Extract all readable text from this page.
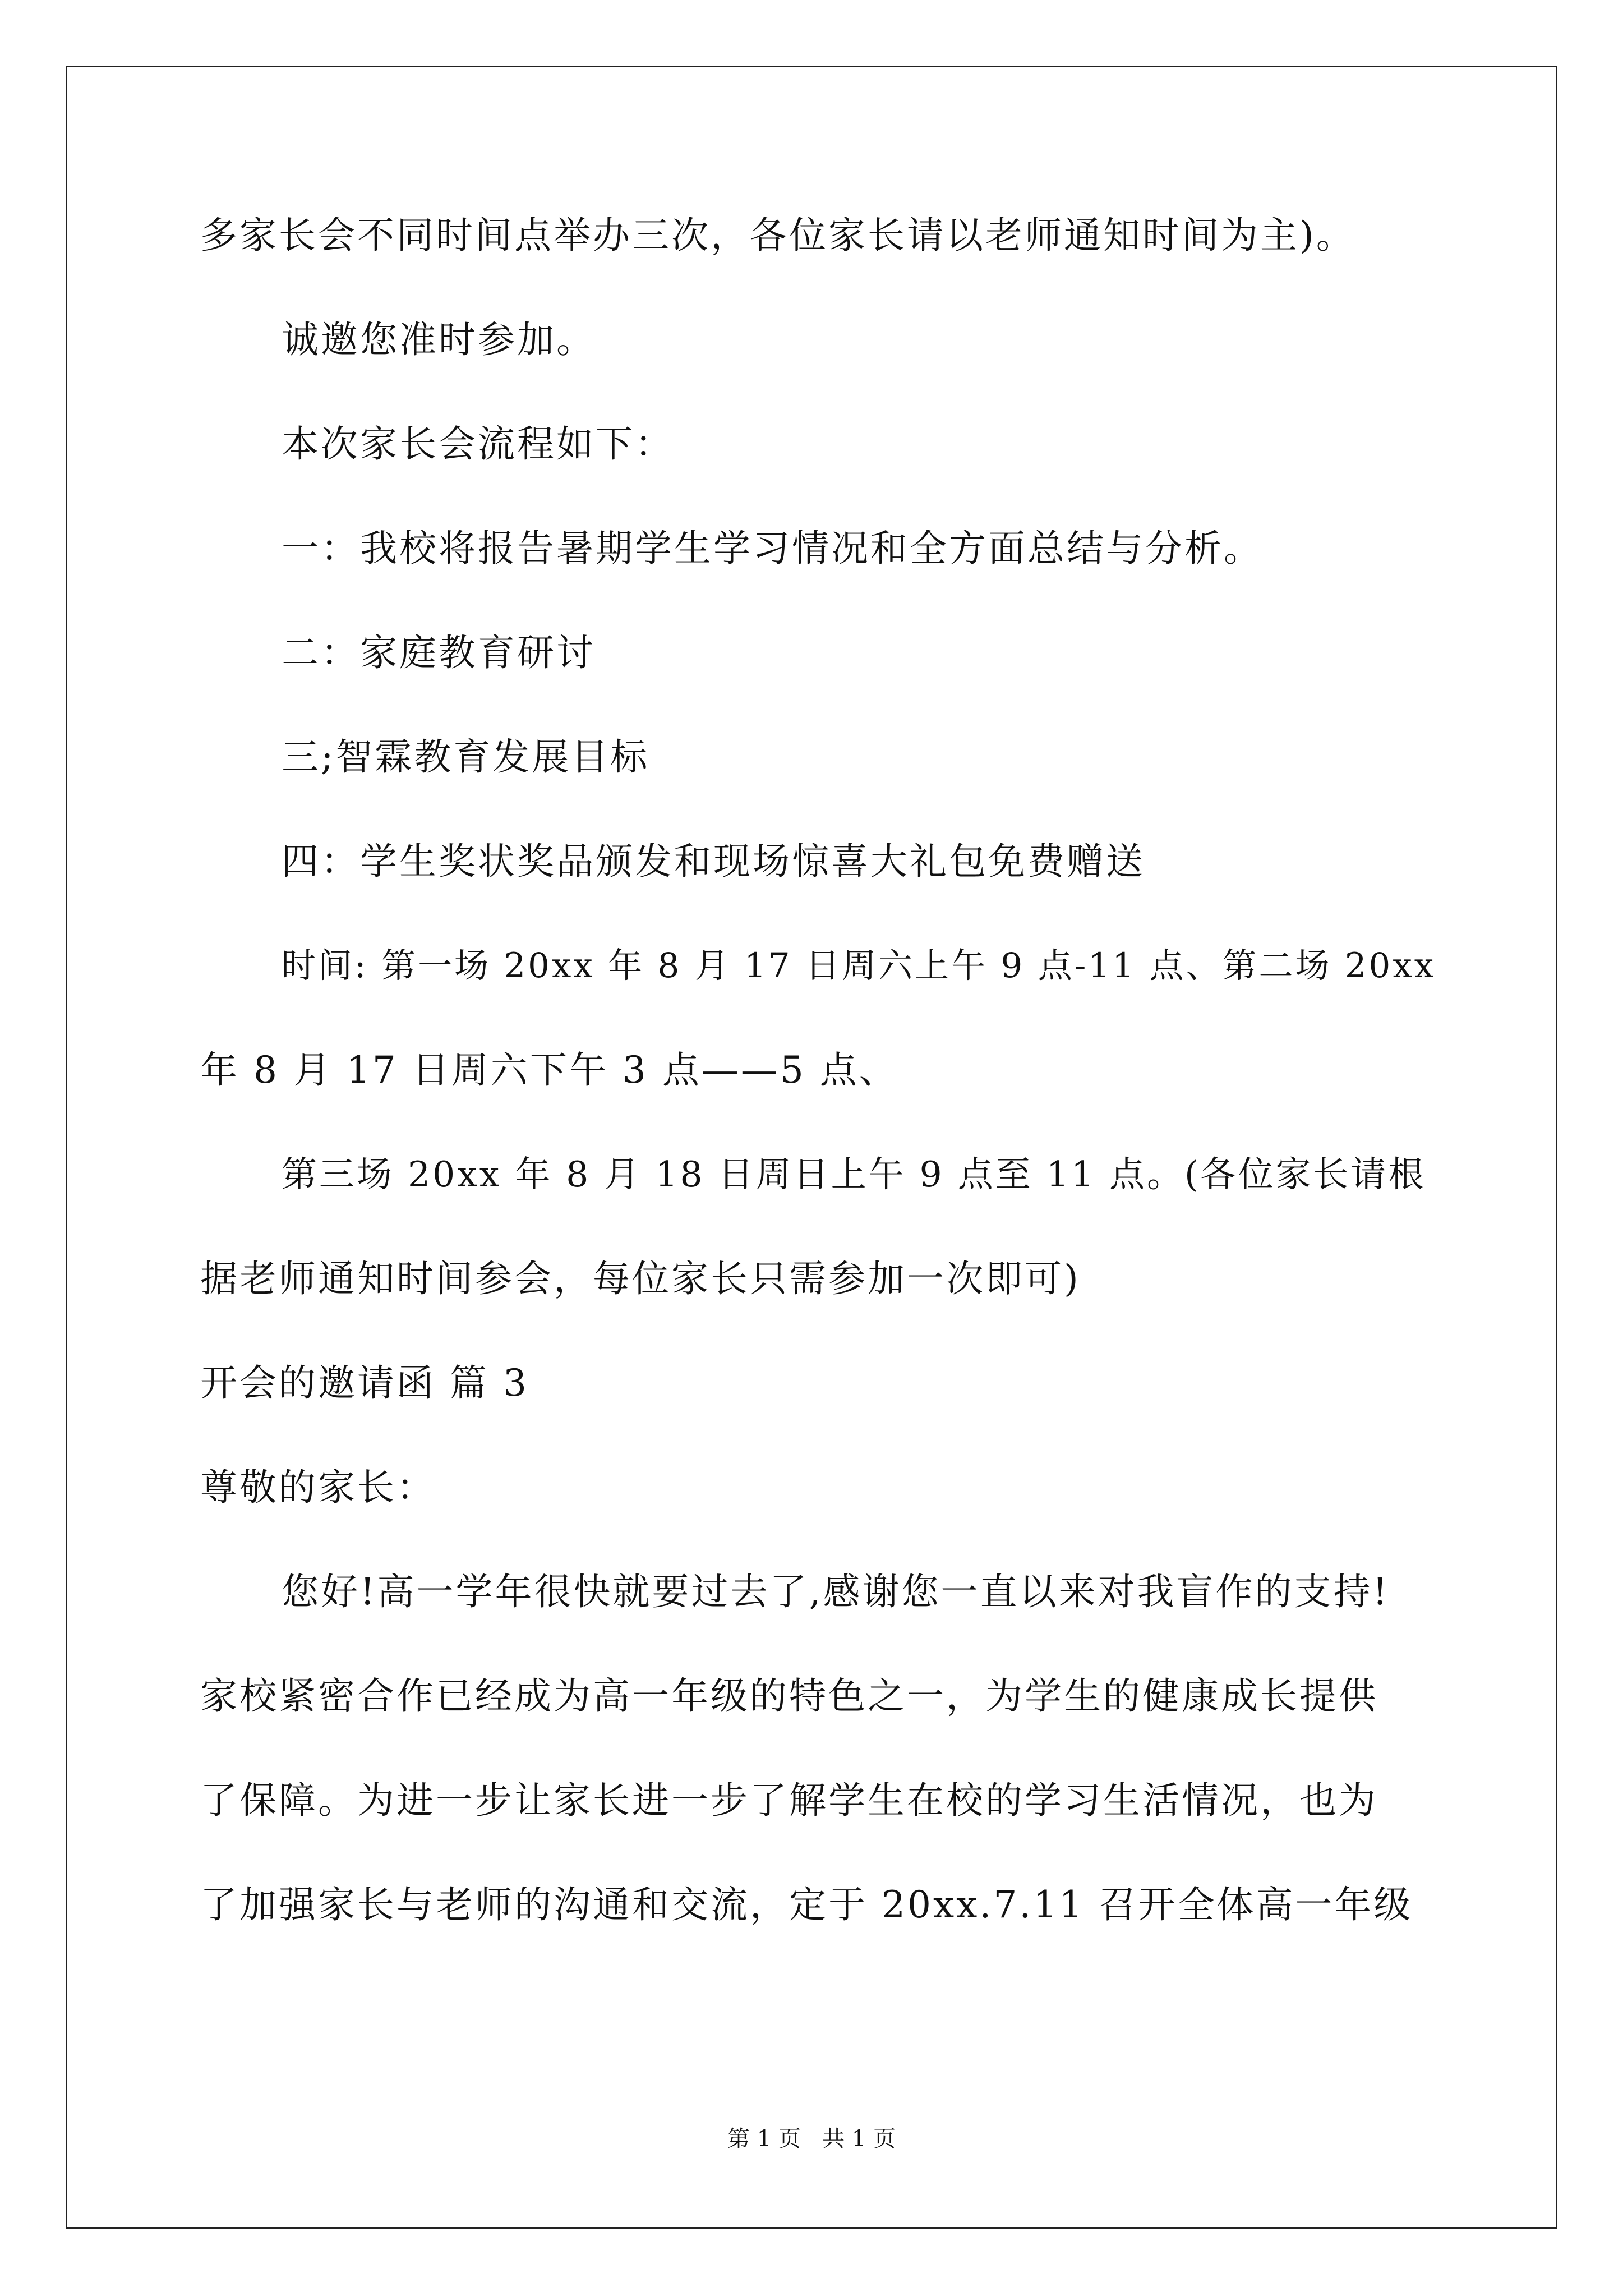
多家长会不同时间点举办三次，各位家长请以老师通知时间为主)。
诚邀您准时参加。
本次家长会流程如下：
一：我校将报告暑期学生学习情况和全方面总结与分析。
二：家庭教育研讨
三;智霖教育发展目标
四：学生奖状奖品颁发和现场惊喜大礼包免费赠送
时间: 第一场 20xx 年 8 月 17 日周六上午 9 点-11 点、第二场 20xx
年 8 月 17 日周六下午 3 点——5 点、
第三场 20xx 年 8 月 18 日周日上午 9 点至 11 点。(各位家长请根
据老师通知时间参会，每位家长只需参加一次即可)
开会的邀请函 篇 3
尊敬的家长：
您好!高一学年很快就要过去了,感谢您一直以来对我盲作的支持!
家校紧密合作已经成为高一年级的特色之一，为学生的健康成长提供
了保障。为进一步让家长进一步了解学生在校的学习生活情况，也为
了加强家长与老师的沟通和交流，定于 20xx.7.11 召开全体高一年级
第 1 页   共 1 页
